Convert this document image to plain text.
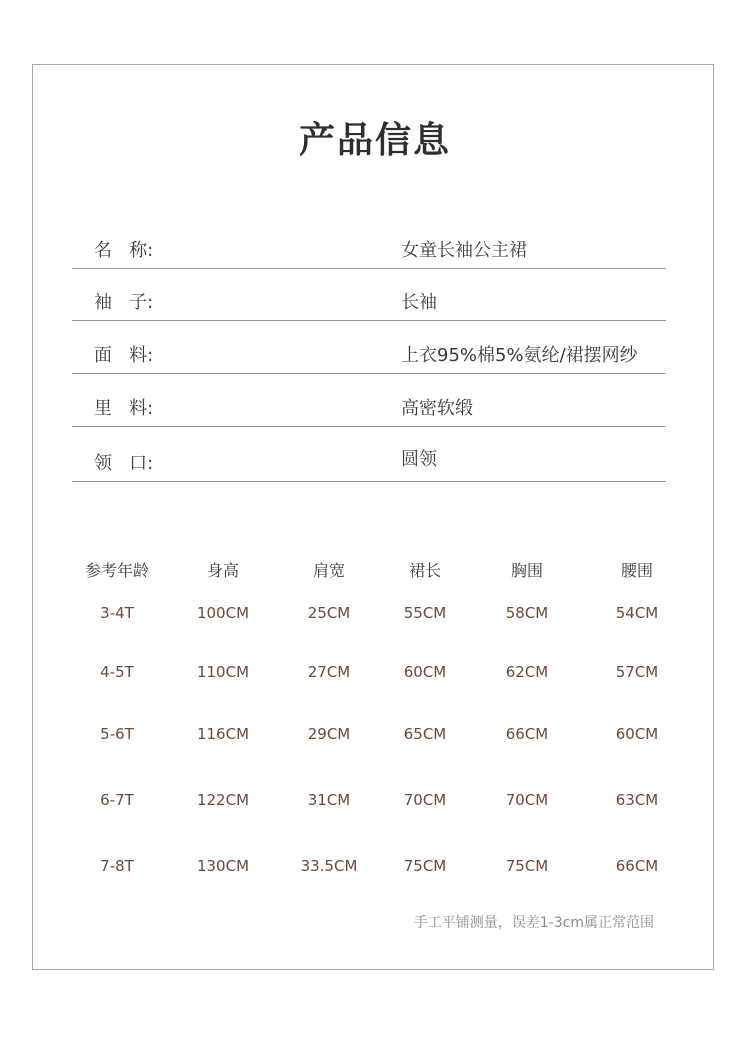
产品信息
名   称:	女童长袖公主裙
袖   子:	长袖
面   料:	上衣95%棉5%氨纶/裙摆网纱
里   料:	高密软缎
领   口:	圆领
参考年龄	身高	肩宽	裙长	胸围	腰围
3-4T	100CM	25CM	55CM	58CM	54CM
4-5T	110CM	27CM	60CM	62CM	57CM
5-6T	116CM	29CM	65CM	66CM	60CM
6-7T	122CM	31CM	70CM	70CM	63CM
7-8T	130CM	33.5CM	75CM	75CM	66CM
手工平铺测量，误差1-3cm属正常范围
